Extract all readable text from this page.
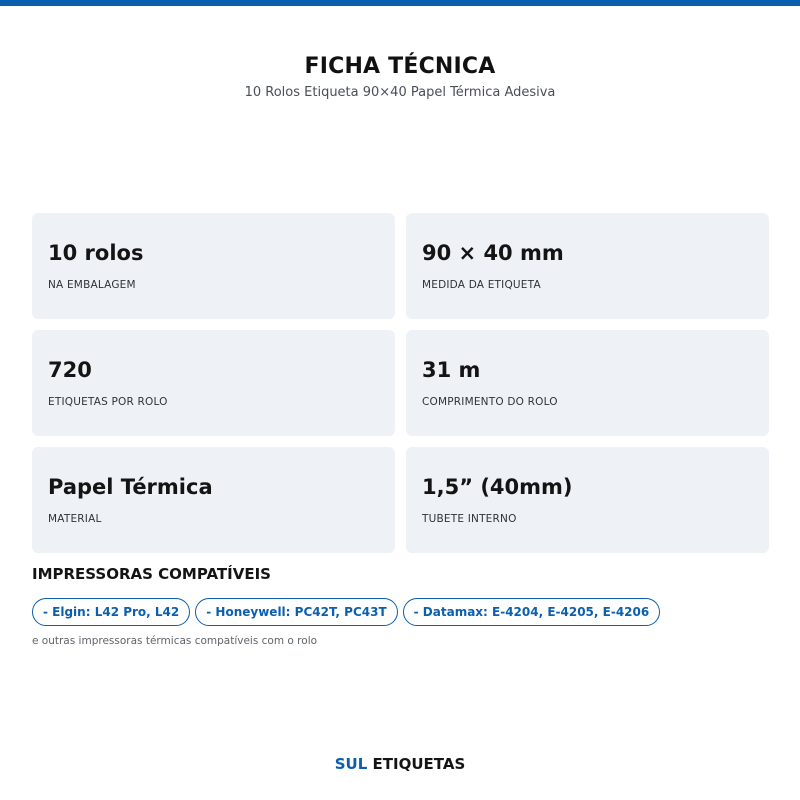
FICHA TÉCNICA
10 Rolos Etiqueta 90×40 Papel Térmica Adesiva
10 rolos
NA EMBALAGEM
90 × 40 mm
MEDIDA DA ETIQUETA
720
ETIQUETAS POR ROLO
31 m
COMPRIMENTO DO ROLO
Papel Térmica
MATERIAL
1,5” (40mm)
TUBETE INTERNO
IMPRESSORAS COMPATÍVEIS
- Elgin: L42 Pro, L42	- Honeywell: PC42T, PC43T	- Datamax: E-4204, E-4205, E-4206
e outras impressoras térmicas compatíveis com o rolo
SUL ETIQUETAS
